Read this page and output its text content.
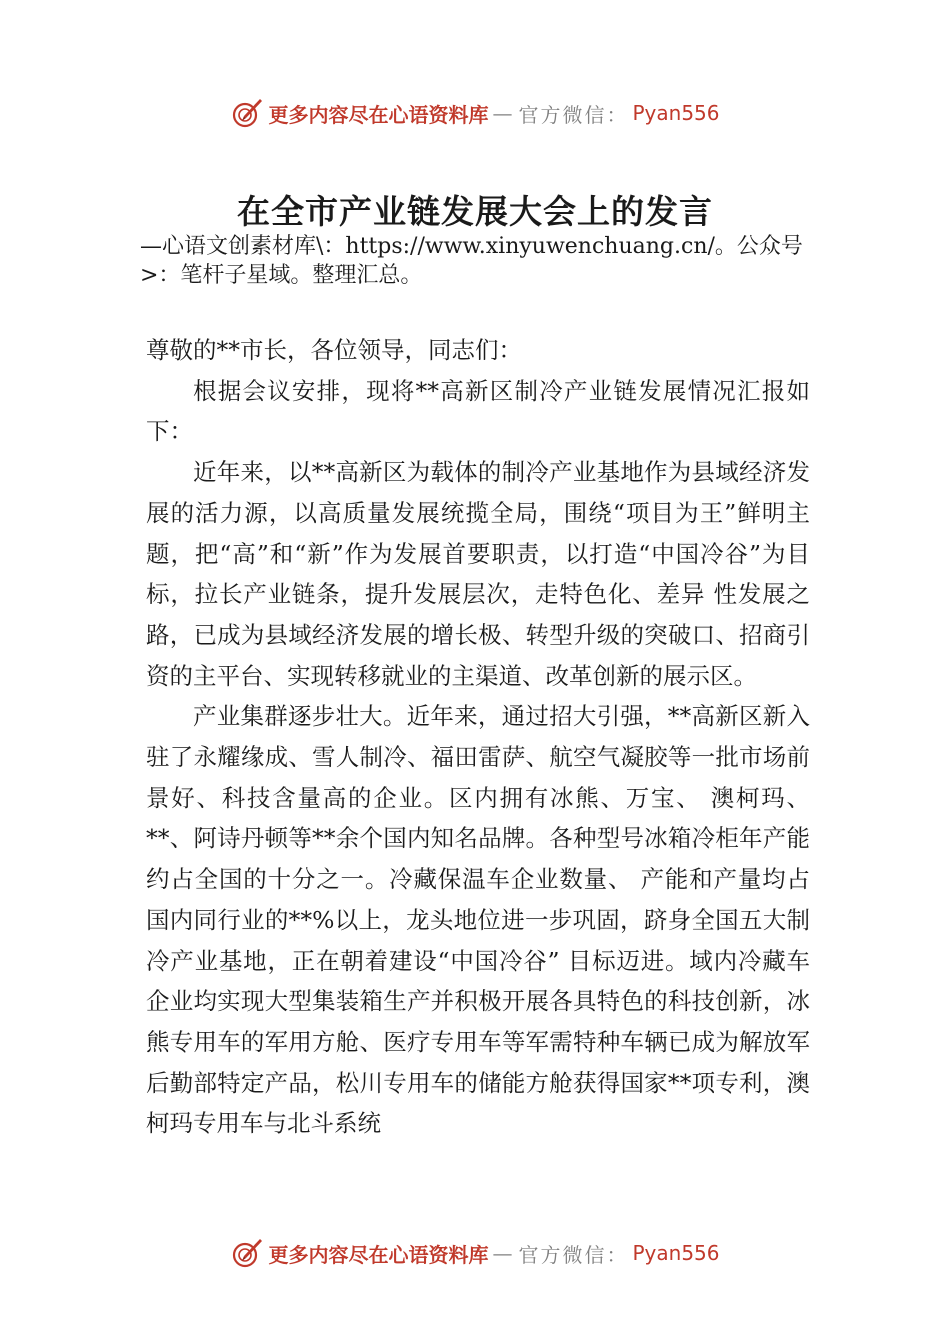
更多内容尽在心语资料库 — 官方微信： Pyan556
在全市产业链发展大会上的发言
—心语文创素材库\：https://www.xinyuwenchuang.cn/。公众号>：笔杆子星域。整理汇总。

尊敬的**市长，各位领导，同志们：

根据会议安排，现将**高新区制冷产业链发展情况汇报如下：

近年来，以**高新区为载体的制冷产业基地作为县域经济发展的活力源，以高质量发展统揽全局，围绕“项目为王”鲜明主题，把“高”和“新”作为发展首要职责，以打造“中国冷谷”为目标，拉长产业链条，提升发展层次，走特色化、差异 性发展之路，已成为县域经济发展的增长极、转型升级的突破口、招商引资的主平台、实现转移就业的主渠道、改革创新的展示区。

产业集群逐步壮大。近年来，通过招大引强，**高新区新入驻了永耀缘成、雪人制冷、福田雷萨、航空气凝胶等一批市场前景好、科技含量高的企业。区内拥有冰熊、万宝、 澳柯玛、**、阿诗丹顿等**余个国内知名品牌。各种型号冰箱冷柜年产能约占全国的十分之一。冷藏保温车企业数量、 产能和产量均占国内同行业的**%以上，龙头地位进一步巩固，跻身全国五大制冷产业基地，正在朝着建设“中国冷谷” 目标迈进。域内冷藏车企业均实现大型集装箱生产并积极开展各具特色的科技创新，冰熊专用车的军用方舱、医疗专用车等军需特种车辆已成为解放军后勤部特定产品，松川专用车的储能方舱获得国家**项专利，澳柯玛专用车与北斗系统

更多内容尽在心语资料库 — 官方微信： Pyan556
